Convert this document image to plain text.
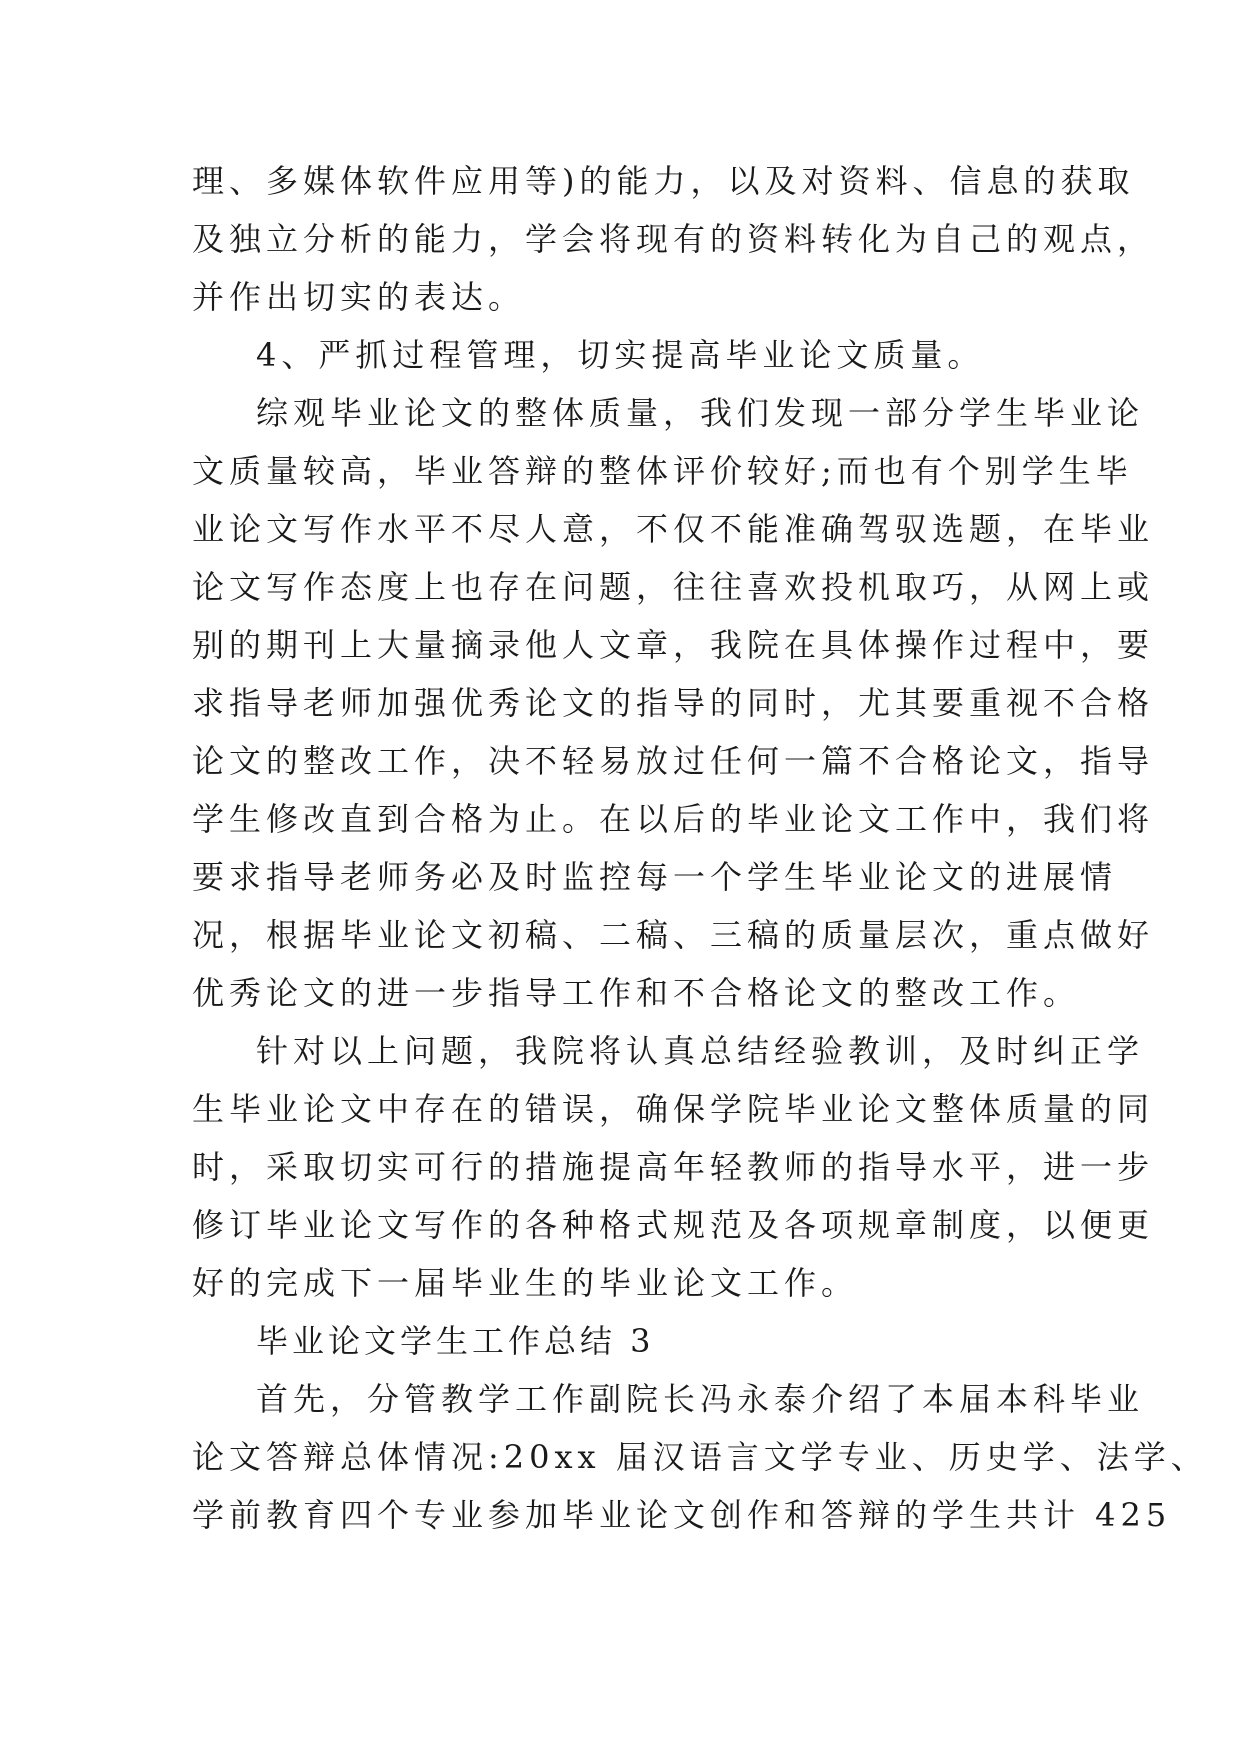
理、多媒体软件应用等)的能力，以及对资料、信息的获取
及独立分析的能力，学会将现有的资料转化为自己的观点，
并作出切实的表达。
4、严抓过程管理，切实提高毕业论文质量。
综观毕业论文的整体质量，我们发现一部分学生毕业论
文质量较高，毕业答辩的整体评价较好;而也有个别学生毕
业论文写作水平不尽人意，不仅不能准确驾驭选题，在毕业
论文写作态度上也存在问题，往往喜欢投机取巧，从网上或
别的期刊上大量摘录他人文章，我院在具体操作过程中，要
求指导老师加强优秀论文的指导的同时，尤其要重视不合格
论文的整改工作，决不轻易放过任何一篇不合格论文，指导
学生修改直到合格为止。在以后的毕业论文工作中，我们将
要求指导老师务必及时监控每一个学生毕业论文的进展情
况，根据毕业论文初稿、二稿、三稿的质量层次，重点做好
优秀论文的进一步指导工作和不合格论文的整改工作。
针对以上问题，我院将认真总结经验教训，及时纠正学
生毕业论文中存在的错误，确保学院毕业论文整体质量的同
时，采取切实可行的措施提高年轻教师的指导水平，进一步
修订毕业论文写作的各种格式规范及各项规章制度，以便更
好的完成下一届毕业生的毕业论文工作。
毕业论文学生工作总结 3
首先，分管教学工作副院长冯永泰介绍了本届本科毕业
论文答辩总体情况:20xx 届汉语言文学专业、历史学、法学、
学前教育四个专业参加毕业论文创作和答辩的学生共计 425
